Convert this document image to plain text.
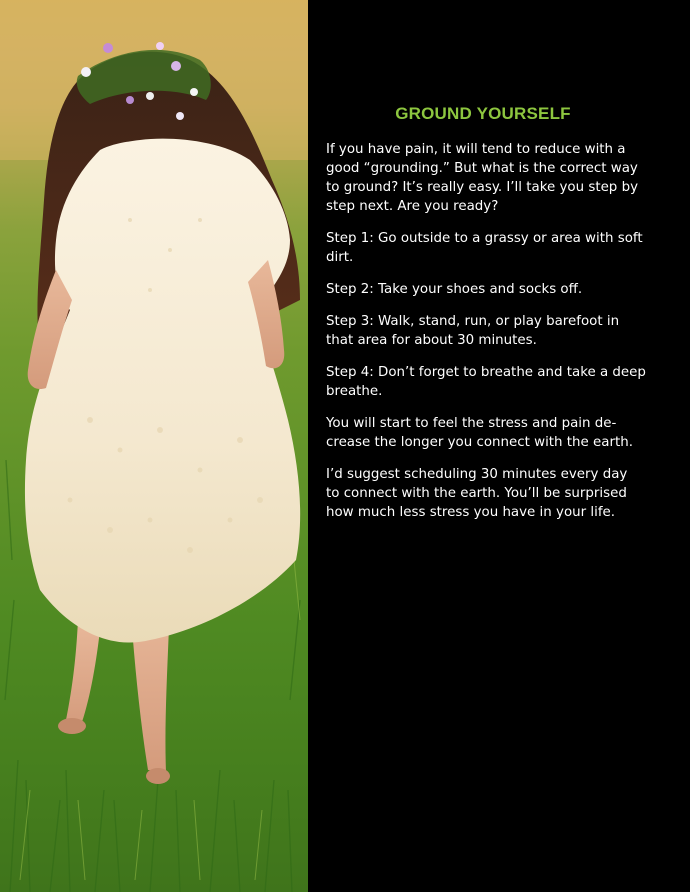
GROUND YOURSELF

If you have pain, it will tend to reduce with a
good “grounding.” But what is the correct way
to ground? It’s really easy. I’ll take you step by
step next. Are you ready?

Step 1: Go outside to a grassy or area with soft
dirt.

Step 2: Take your shoes and socks off.

Step 3: Walk, stand, run, or play barefoot in
that area for about 30 minutes.

Step 4: Don’t forget to breathe and take a deep
breathe.

You will start to feel the stress and pain de-
crease the longer you connect with the earth.

I’d suggest scheduling 30 minutes every day
to connect with the earth. You’ll be surprised
how much less stress you have in your life.
